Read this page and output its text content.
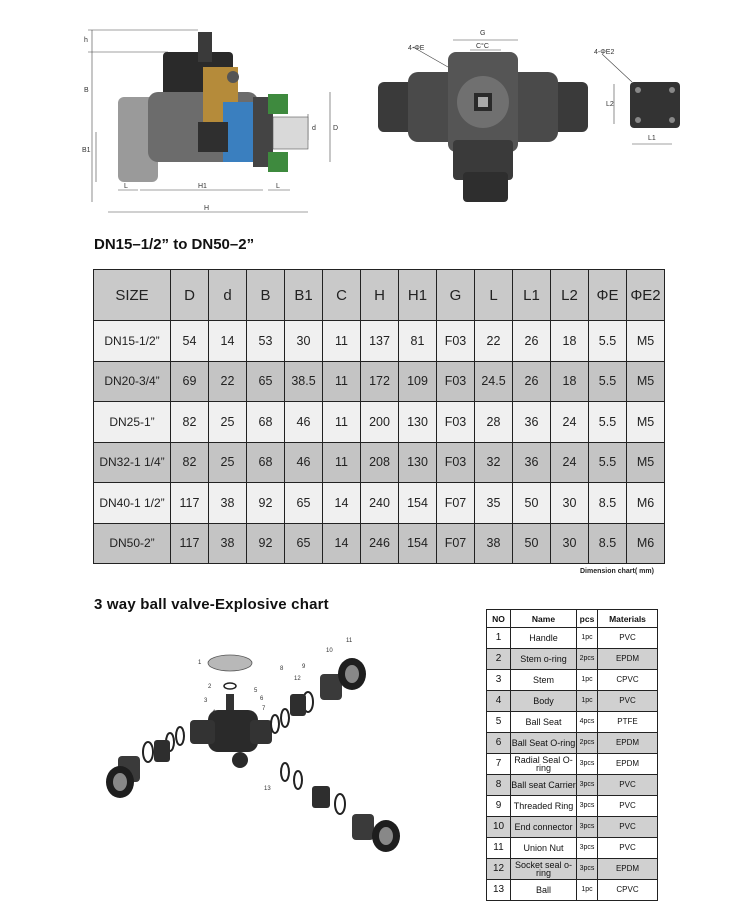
h
B
B1
L	H1	L
H
d D
G
C°C
4-ΦE
4-ΦE2
L2
L1
DN15–1/2” to DN50–2”
SIZE	D	d	B	B1	C	H	H1	G	L	L1	L2	ΦE	ΦE2
DN15-1/2”	54	14	53	30	11	137	81	F03	22	26	18	5.5	M5
DN20-3/4”	69	22	65	38.5	11	172	109	F03	24.5	26	18	5.5	M5
DN25-1”	82	25	68	46	11	200	130	F03	28	36	24	5.5	M5
DN32-1 1/4”	82	25	68	46	11	208	130	F03	32	36	24	5.5	M5
DN40-1 1/2”	117	38	92	65	14	240	154	F07	35	50	30	8.5	M6
DN50-2”	117	38	92	65	14	246	154	F07	38	50	30	8.5	M6
Dimension chart( mm)
3 way ball valve-Explosive chart
1
2
3
4
5
6
7
8	9
10
11
12
13
NO	Name	pcs	Materials
1	Handle	1pc	PVC
2	Stem o-ring	2pcs	EPDM
3	Stem	1pc	CPVC
4	Body	1pc	PVC
5	Ball Seat	4pcs	PTFE
6	Ball Seat O-ring	2pcs	EPDM
7	Radial Seal O-ring	3pcs	EPDM
8	Ball seat Carrier	3pcs	PVC
9	Threaded Ring	3pcs	PVC
10	End connector	3pcs	PVC
11	Union Nut	3pcs	PVC
12	Socket seal o-ring	3pcs	EPDM
13	Ball	1pc	CPVC
